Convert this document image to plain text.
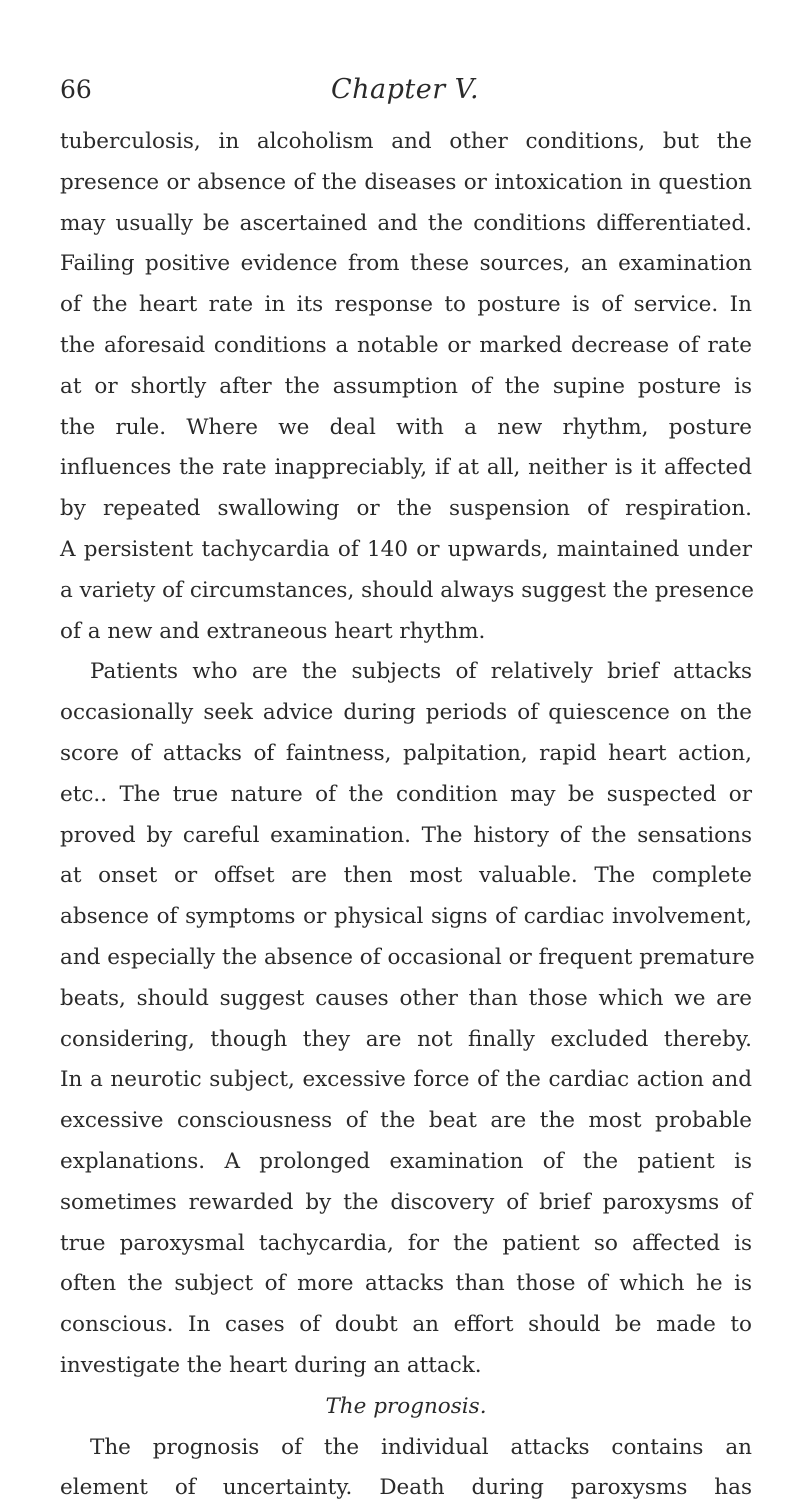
66	Chapter V.
tuberculosis, in alcoholism and other conditions, but the
presence or absence of the diseases or intoxication in question
may usually be ascertained and the conditions differentiated.
Failing positive evidence from these sources, an examination
of the heart rate in its response to posture is of service. In
the aforesaid conditions a notable or marked decrease of rate
at or shortly after the assumption of the supine posture is
the rule. Where we deal with a new rhythm, posture
influences the rate inappreciably, if at all, neither is it affected
by repeated swallowing or the suspension of respiration.
A persistent tachycardia of 140 or upwards, maintained under
a variety of circumstances, should always suggest the presence
of a new and extraneous heart rhythm.
Patients who are the subjects of relatively brief attacks
occasionally seek advice during periods of quiescence on the
score of attacks of faintness, palpitation, rapid heart action,
etc.. The true nature of the condition may be suspected or
proved by careful examination. The history of the sensations
at onset or offset are then most valuable. The complete
absence of symptoms or physical signs of cardiac involvement,
and especially the absence of occasional or frequent premature
beats, should suggest causes other than those which we are
considering, though they are not finally excluded thereby.
In a neurotic subject, excessive force of the cardiac action and
excessive consciousness of the beat are the most probable
explanations. A prolonged examination of the patient is
sometimes rewarded by the discovery of brief paroxysms of
true paroxysmal tachycardia, for the patient so affected is
often the subject of more attacks than those of which he is
conscious. In cases of doubt an effort should be made to
investigate the heart during an attack.
The prognosis.
The prognosis of the individual attacks contains an
element of uncertainty. Death during paroxysms has
